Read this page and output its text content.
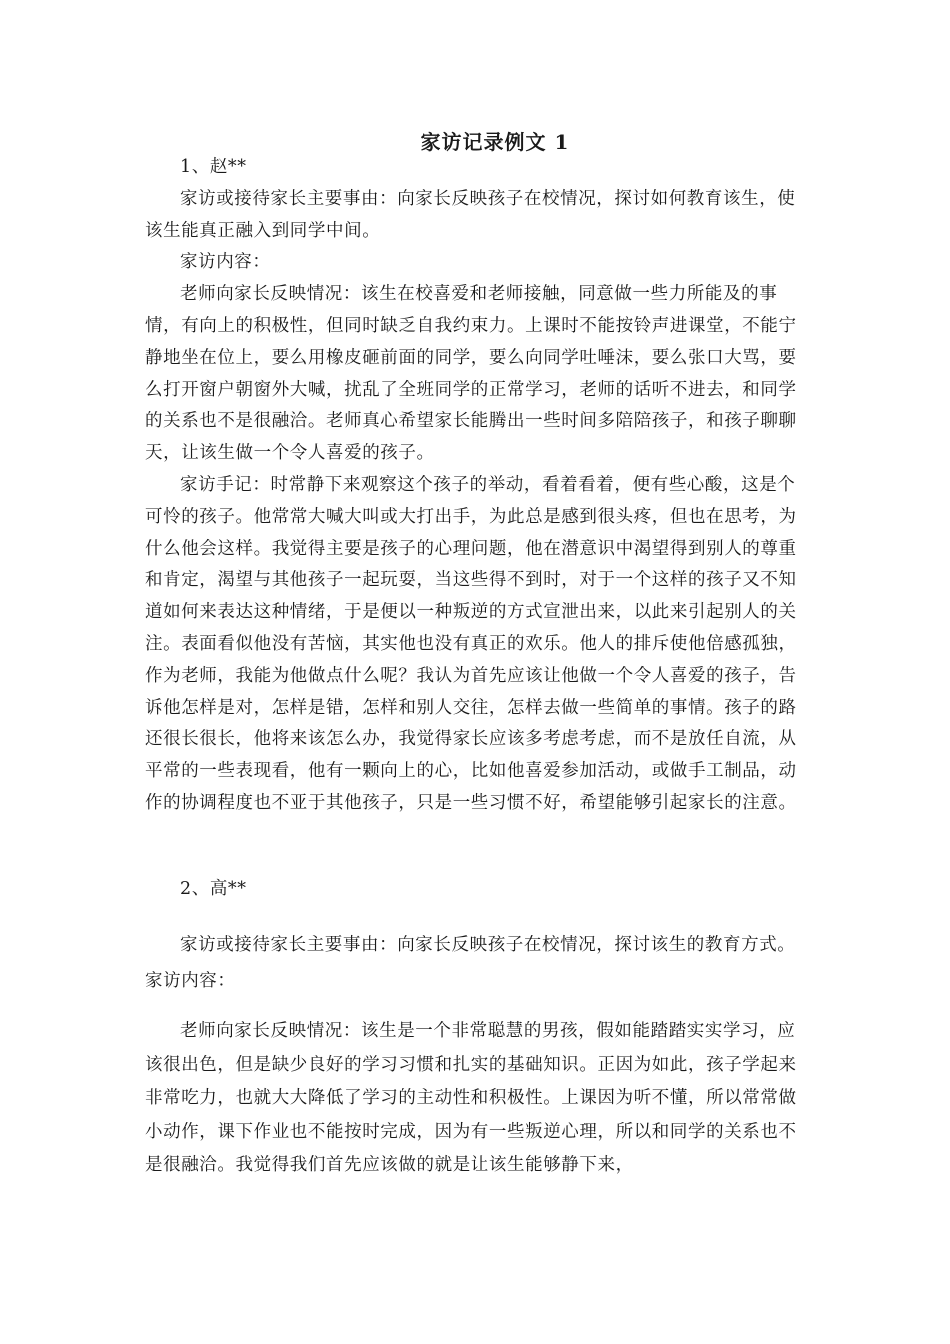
家访记录例文 1

1、赵**

家访或接待家长主要事由：向家长反映孩子在校情况，探讨如何教育该生，使该生能真正融入到同学中间。

家访内容：

老师向家长反映情况：该生在校喜爱和老师接触，同意做一些力所能及的事情，有向上的积极性，但同时缺乏自我约束力。上课时不能按铃声进课堂，不能宁静地坐在位上，要么用橡皮砸前面的同学，要么向同学吐唾沫，要么张口大骂，要么打开窗户朝窗外大喊，扰乱了全班同学的正常学习，老师的话听不进去，和同学的关系也不是很融洽。老师真心希望家长能腾出一些时间多陪陪孩子，和孩子聊聊天，让该生做一个令人喜爱的孩子。

家访手记：时常静下来观察这个孩子的举动，看着看着，便有些心酸，这是个可怜的孩子。他常常大喊大叫或大打出手，为此总是感到很头疼，但也在思考，为什么他会这样。我觉得主要是孩子的心理问题，他在潜意识中渴望得到别人的尊重和肯定，渴望与其他孩子一起玩耍，当这些得不到时，对于一个这样的孩子又不知道如何来表达这种情绪，于是便以一种叛逆的方式宣泄出来，以此来引起别人的关注。表面看似他没有苦恼，其实他也没有真正的欢乐。他人的排斥使他倍感孤独，作为老师，我能为他做点什么呢？我认为首先应该让他做一个令人喜爱的孩子，告诉他怎样是对，怎样是错，怎样和别人交往，怎样去做一些简单的事情。孩子的路还很长很长，他将来该怎么办，我觉得家长应该多考虑考虑，而不是放任自流，从平常的一些表现看，他有一颗向上的心，比如他喜爱参加活动，或做手工制品，动作的协调程度也不亚于其他孩子，只是一些习惯不好，希望能够引起家长的注意。

2、高**

家访或接待家长主要事由：向家长反映孩子在校情况，探讨该生的教育方式。家访内容：

老师向家长反映情况：该生是一个非常聪慧的男孩，假如能踏踏实实学习，应该很出色，但是缺少良好的学习习惯和扎实的基础知识。正因为如此，孩子学起来非常吃力，也就大大降低了学习的主动性和积极性。上课因为听不懂，所以常常做小动作，课下作业也不能按时完成，因为有一些叛逆心理，所以和同学的关系也不是很融洽。我觉得我们首先应该做的就是让该生能够静下来，
